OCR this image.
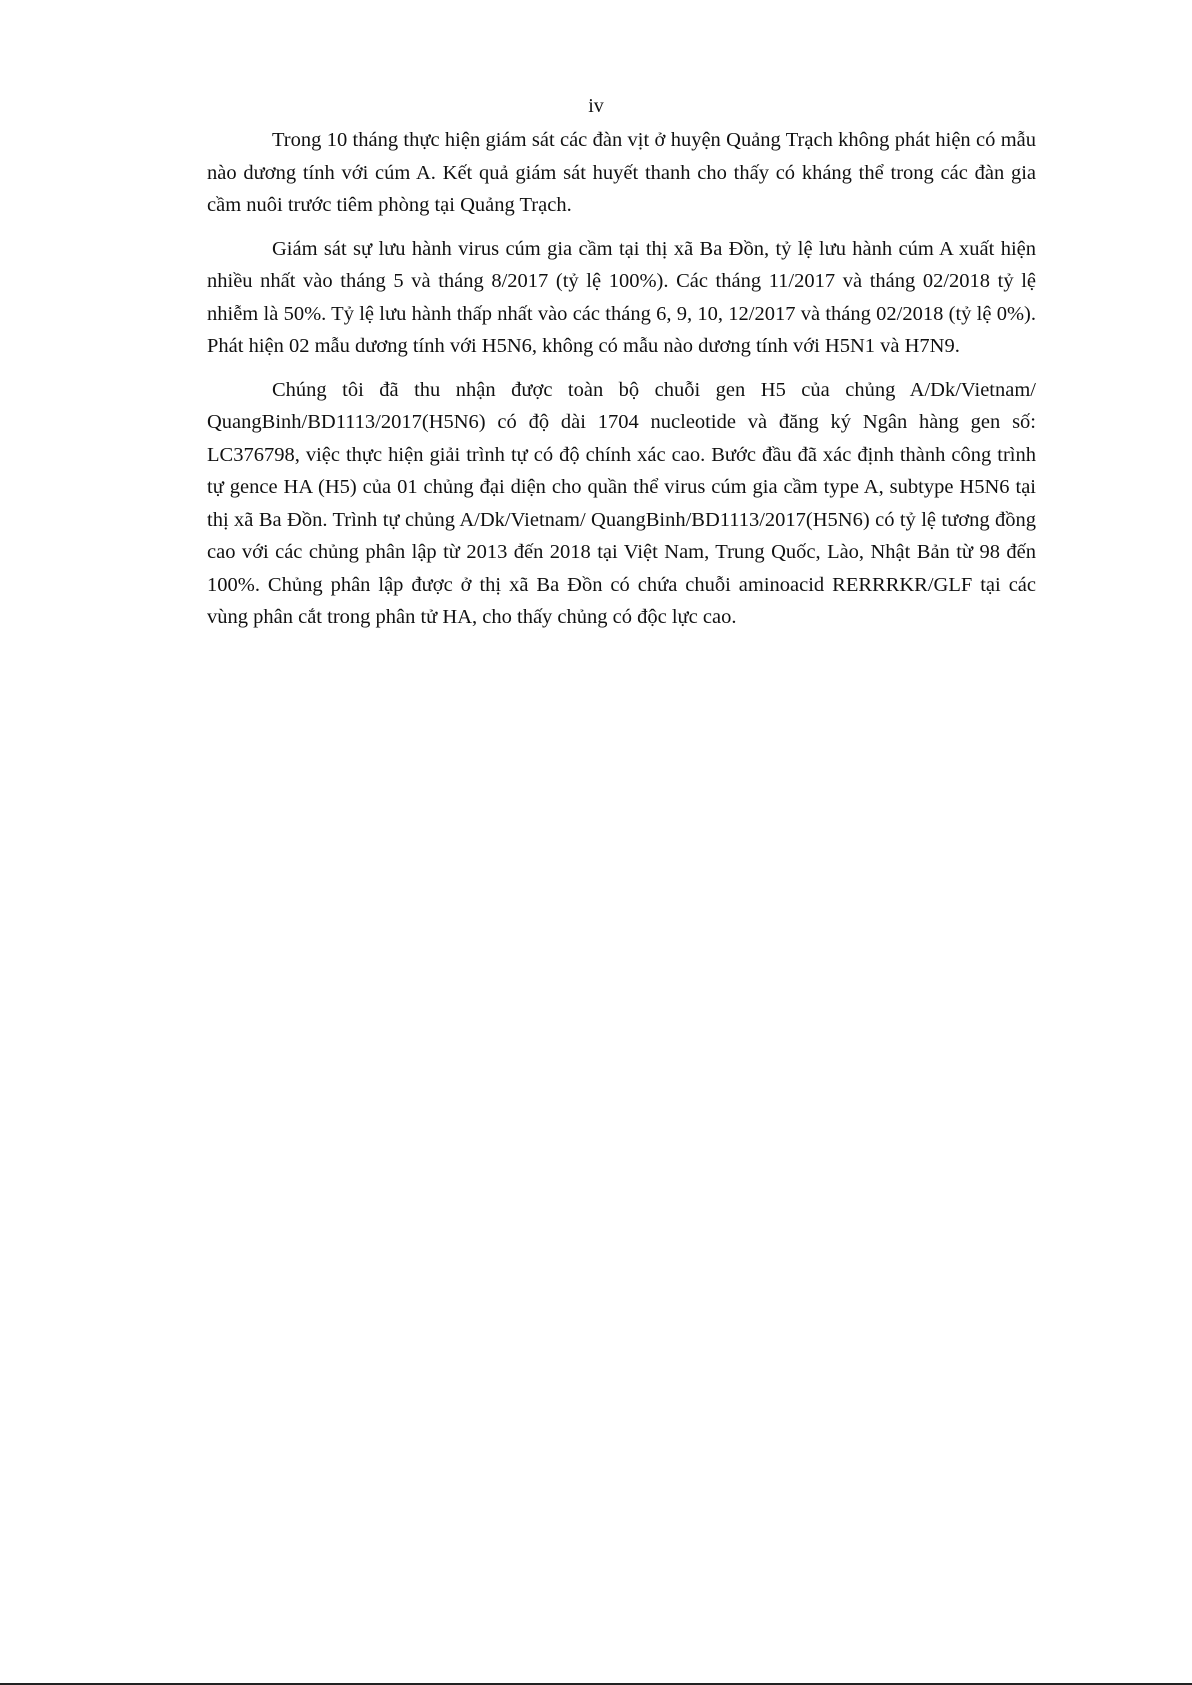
iv

Trong 10 tháng thực hiện giám sát các đàn vịt ở huyện Quảng Trạch không phát hiện có mẫu nào dương tính với cúm A. Kết quả giám sát huyết thanh cho thấy có kháng thể trong các đàn gia cầm nuôi trước tiêm phòng tại Quảng Trạch.

Giám sát sự lưu hành virus cúm gia cầm tại thị xã Ba Đồn, tỷ lệ lưu hành cúm A xuất hiện nhiều nhất vào tháng 5 và tháng 8/2017 (tỷ lệ 100%). Các tháng 11/2017 và tháng 02/2018 tỷ lệ nhiễm là 50%. Tỷ lệ lưu hành thấp nhất vào các tháng 6, 9, 10, 12/2017 và tháng 02/2018 (tỷ lệ 0%). Phát hiện 02 mẫu dương tính với H5N6, không có mẫu nào dương tính với H5N1 và H7N9.

Chúng tôi đã thu nhận được toàn bộ chuỗi gen H5 của chủng A/Dk/Vietnam/ QuangBinh/BD1113/2017(H5N6) có độ dài 1704 nucleotide và đăng ký Ngân hàng gen số: LC376798, việc thực hiện giải trình tự có độ chính xác cao. Bước đầu đã xác định thành công trình tự gence HA (H5) của 01 chủng đại diện cho quần thể virus cúm gia cầm type A, subtype H5N6 tại thị xã Ba Đồn. Trình tự chủng A/Dk/Vietnam/ QuangBinh/BD1113/2017(H5N6) có tỷ lệ tương đồng cao với các chủng phân lập từ 2013 đến 2018 tại Việt Nam, Trung Quốc, Lào, Nhật Bản từ 98 đến 100%. Chủng phân lập được ở thị xã Ba Đồn có chứa chuỗi aminoacid RERRRKR/GLF tại các vùng phân cắt trong phân tử HA, cho thấy chủng có độc lực cao.
